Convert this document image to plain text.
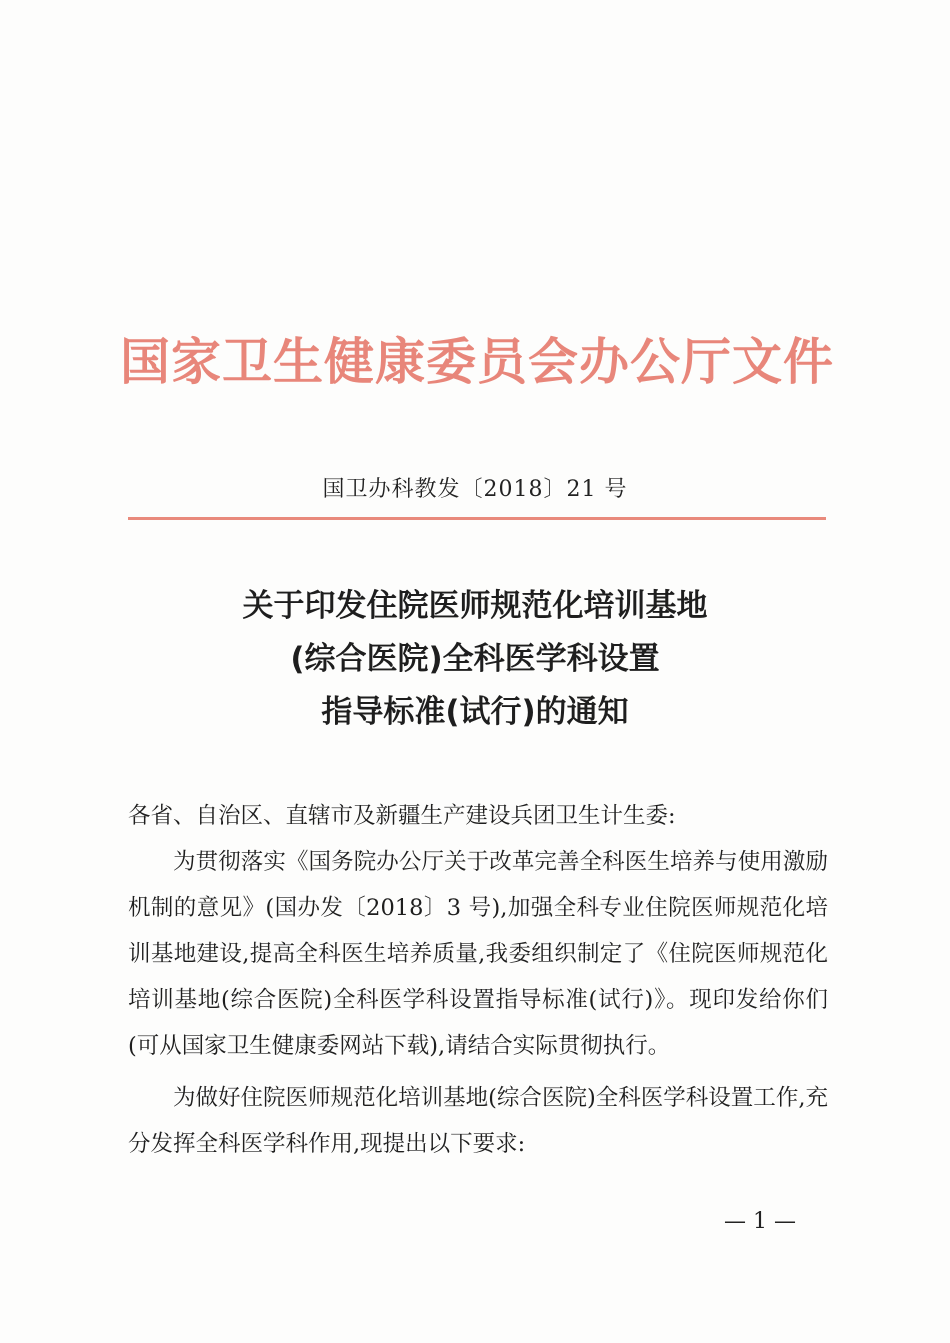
国家卫生健康委员会办公厅文件
国卫办科教发〔2018〕21 号
关于印发住院医师规范化培训基地
(综合医院)全科医学科设置
指导标准(试行)的通知

各省、自治区、直辖市及新疆生产建设兵团卫生计生委:

为贯彻落实《国务院办公厅关于改革完善全科医生培养与使用激励机制的意见》(国办发〔2018〕3 号),加强全科专业住院医师规范化培训基地建设,提高全科医生培养质量,我委组织制定了《住院医师规范化培训基地(综合医院)全科医学科设置指导标准(试行)》。现印发给你们(可从国家卫生健康委网站下载),请结合实际贯彻执行。

为做好住院医师规范化培训基地(综合医院)全科医学科设置工作,充分发挥全科医学科作用,现提出以下要求:

— 1 —
